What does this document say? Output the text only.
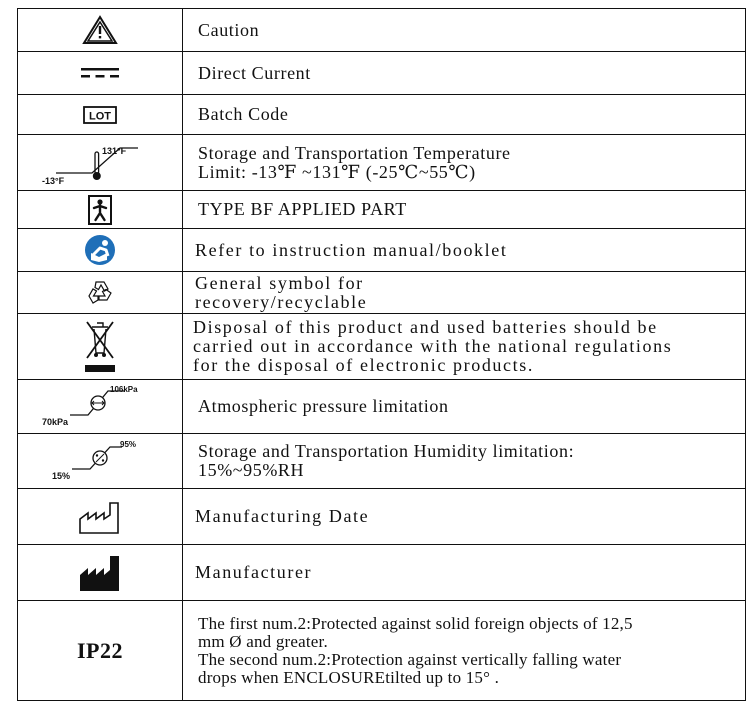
Caution

Direct Current

LOT	Batch Code

131°F
-13°F	Storage and Transportation Temperature
Limit: -13℉ ~131℉ (-25℃~55℃)

TYPE BF APPLIED PART

Refer to instruction manual/booklet

General symbol for
recovery/recyclable

Disposal of this product and used batteries should be
carried out in accordance with the national regulations
for the disposal of electronic products.

106kPa
70kPa	Atmospheric pressure limitation

95%
15%	Storage and Transportation Humidity limitation:
15%~95%RH

Manufacturing Date

Manufacturer

IP22	The first num.2:Protected against solid foreign objects of 12,5
mm Ø and greater.
The second num.2:Protection against vertically falling water
drops when ENCLOSUREtilted up to 15° .
